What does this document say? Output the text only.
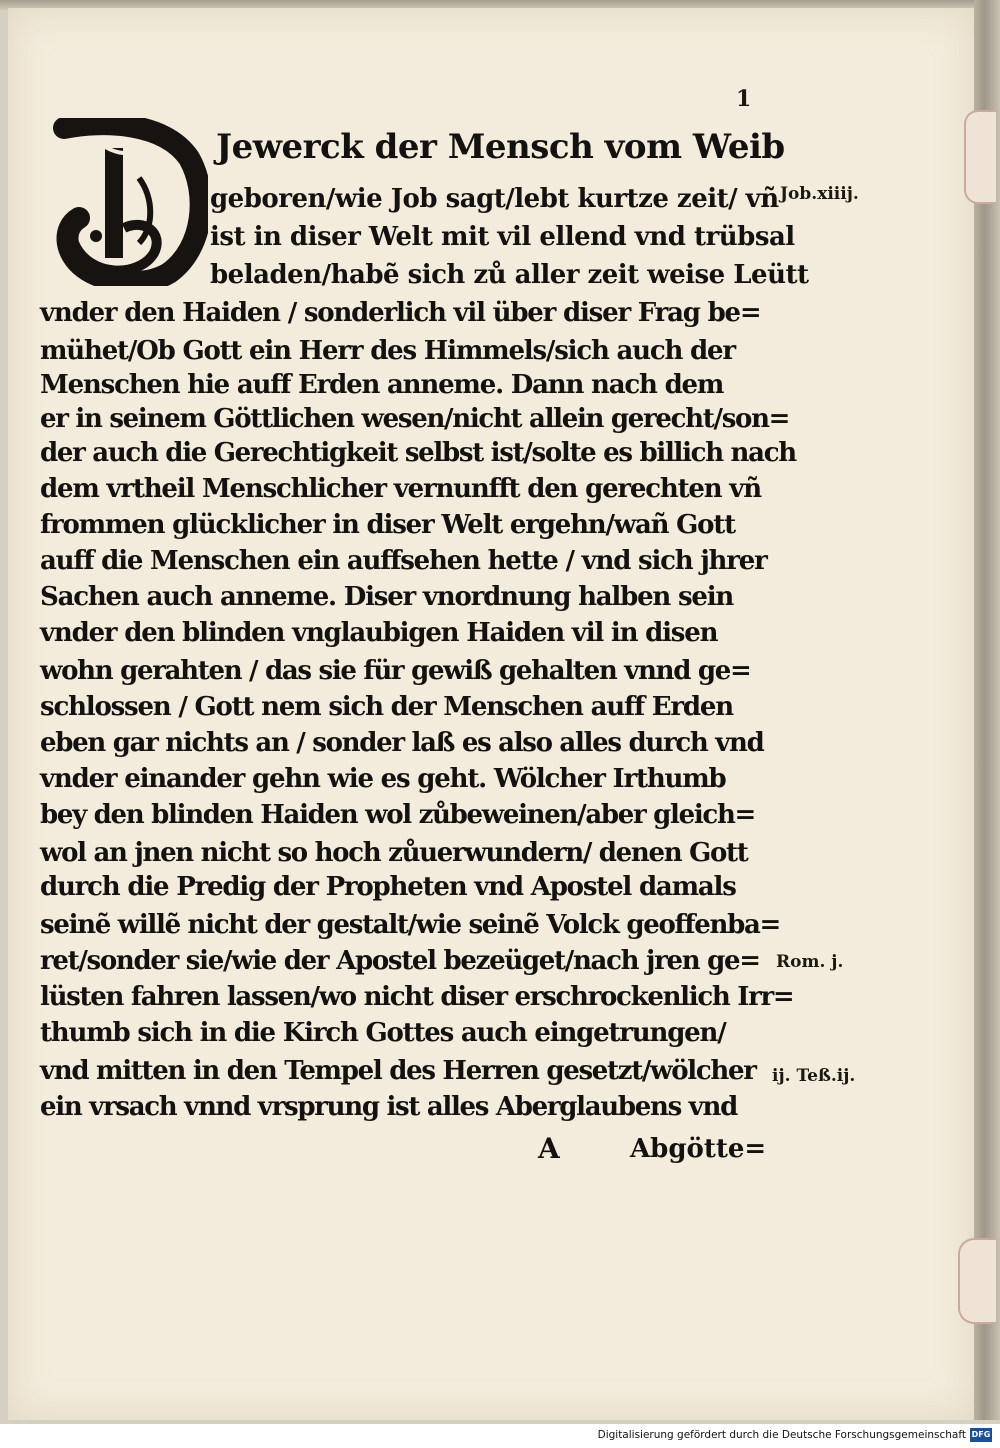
1
Jewerck der Mensch vom Weib
geboren/wie Job sagt/lebt kurtze zeit/ vñ
ist in diser Welt mit vil ellend vnd trübsal
beladen/habẽ sich zů aller zeit weise Leütt
vnder den Haiden / sonderlich vil über diser Frag be=
mühet/Ob Gott ein Herr des Himmels/sich auch der
Menschen hie auff Erden anneme. Dann nach dem
er in seinem Göttlichen wesen/nicht allein gerecht/son=
der auch die Gerechtigkeit selbst ist/solte es billich nach
dem vrtheil Menschlicher vernunfft den gerechten vñ
frommen glücklicher in diser Welt ergehn/wañ Gott
auff die Menschen ein auffsehen hette / vnd sich jhrer
Sachen auch anneme. Diser vnordnung halben sein
vnder den blinden vnglaubigen Haiden vil in disen
wohn gerahten / das sie für gewiß gehalten vnnd ge=
schlossen / Gott nem sich der Menschen auff Erden
eben gar nichts an / sonder laß es also alles durch vnd
vnder einander gehn wie es geht. Wölcher Irthumb
bey den blinden Haiden wol zůbeweinen/aber gleich=
wol an jnen nicht so hoch zůuerwundern/ denen Gott
durch die Predig der Propheten vnd Apostel damals
seinẽ willẽ nicht der gestalt/wie seinẽ Volck geoffenba=
ret/sonder sie/wie der Apostel bezeüget/nach jren ge=
lüsten fahren lassen/wo nicht diser erschrockenlich Irr=
thumb sich in die Kirch Gottes auch eingetrungen/
vnd mitten in den Tempel des Herren gesetzt/wölcher
ein vrsach vnnd vrsprung ist alles Aberglaubens vnd
Job.xiiij.
Rom. j.
ij. Teß.ij.
A	Abgötte=
Digitalisierung gefördert durch die Deutsche Forschungsgemeinschaft DFG
